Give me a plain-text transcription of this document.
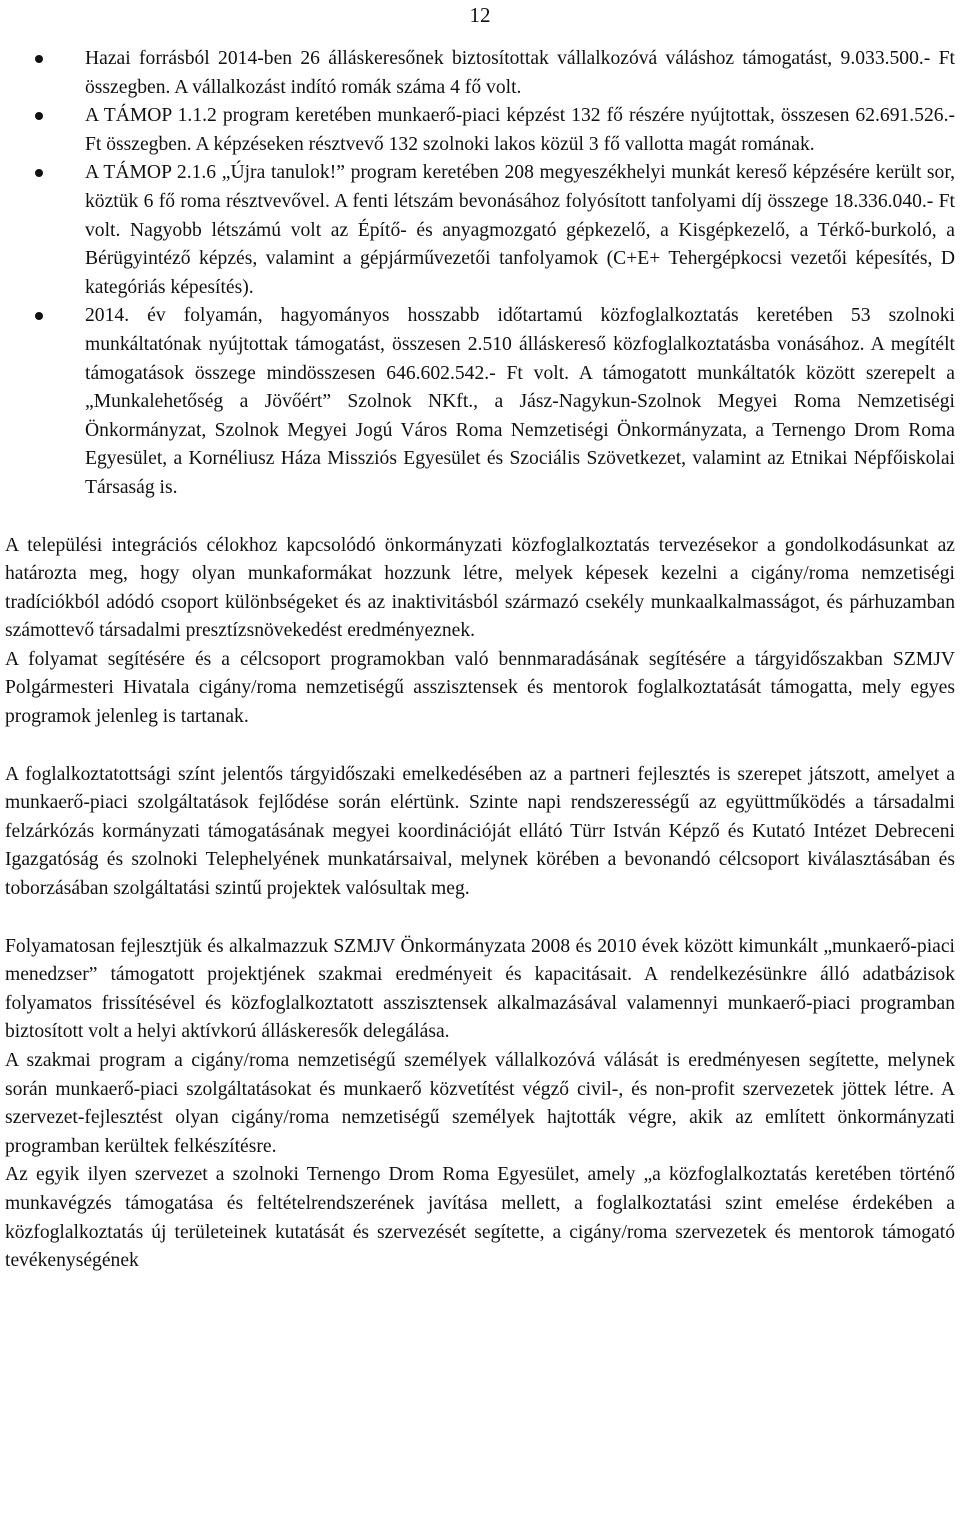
12
Hazai forrásból 2014-ben 26 álláskeresőnek biztosítottak vállalkozóvá váláshoz támogatást, 9.033.500.- Ft összegben. A vállalkozást indító romák száma 4 fő volt.
A TÁMOP 1.1.2 program keretében munkaerő-piaci képzést 132 fő részére nyújtottak, összesen 62.691.526.- Ft összegben. A képzéseken résztvevő 132 szolnoki lakos közül 3 fő vallotta magát romának.
A TÁMOP 2.1.6 „Újra tanulok!” program keretében 208 megyeszékhelyi munkát kereső képzésére került sor, köztük 6 fő roma résztvevővel. A fenti létszám bevonásához folyósított tanfolyami díj összege 18.336.040.- Ft volt. Nagyobb létszámú volt az Építő- és anyagmozgató gépkezelő, a Kisgépkezelő, a Térkő-burkoló, a Bérügyintéző képzés, valamint a gépjárművezetői tanfolyamok (C+E+ Tehergépkocsi vezetői képesítés, D kategóriás képesítés).
2014. év folyamán, hagyományos hosszabb időtartamú közfoglalkoztatás keretében 53 szolnoki munkáltatónak nyújtottak támogatást, összesen 2.510 álláskereső közfoglalkoztatásba vonásához. A megítélt támogatások összege mindösszesen 646.602.542.- Ft volt. A támogatott munkáltatók között szerepelt a „Munkalehetőség a Jövőért” Szolnok NKft., a Jász-Nagykun-Szolnok Megyei Roma Nemzetiségi Önkormányzat, Szolnok Megyei Jogú Város Roma Nemzetiségi Önkormányzata, a Ternengo Drom Roma Egyesület, a Kornéliusz Háza Missziós Egyesület és Szociális Szövetkezet, valamint az Etnikai Népfőiskolai Társaság is.

A települési integrációs célokhoz kapcsolódó önkormányzati közfoglalkoztatás tervezésekor a gondolkodásunkat az határozta meg, hogy olyan munkaformákat hozzunk létre, melyek képesek kezelni a cigány/roma nemzetiségi tradíciókból adódó csoport különbségeket és az inaktivitásból származó csekély munkaalkalmasságot, és párhuzamban számottevő társadalmi presztízsnövekedést eredményeznek.

A folyamat segítésére és a célcsoport programokban való bennmaradásának segítésére a tárgyidőszakban SZMJV Polgármesteri Hivatala cigány/roma nemzetiségű asszisztensek és mentorok foglalkoztatását támogatta, mely egyes programok jelenleg is tartanak.

A foglalkoztatottsági színt jelentős tárgyidőszaki emelkedésében az a partneri fejlesztés is szerepet játszott, amelyet a munkaerő-piaci szolgáltatások fejlődése során elértünk. Szinte napi rendszerességű az együttműködés a társadalmi felzárkózás kormányzati támogatásának megyei koordinációját ellátó Türr István Képző és Kutató Intézet Debreceni Igazgatóság és szolnoki Telephelyének munkatársaival, melynek körében a bevonandó célcsoport kiválasztásában és toborzásában szolgáltatási szintű projektek valósultak meg.

Folyamatosan fejlesztjük és alkalmazzuk SZMJV Önkormányzata 2008 és 2010 évek között kimunkált „munkaerő-piaci menedzser” támogatott projektjének szakmai eredményeit és kapacitásait. A rendelkezésünkre álló adatbázisok folyamatos frissítésével és közfoglalkoztatott asszisztensek alkalmazásával valamennyi munkaerő-piaci programban biztosított volt a helyi aktívkorú álláskeresők delegálása.

A szakmai program a cigány/roma nemzetiségű személyek vállalkozóvá válását is eredményesen segítette, melynek során munkaerő-piaci szolgáltatásokat és munkaerő közvetítést végző civil-, és non-profit szervezetek jöttek létre. A szervezet-fejlesztést olyan cigány/roma nemzetiségű személyek hajtották végre, akik az említett önkormányzati programban kerültek felkészítésre.

Az egyik ilyen szervezet a szolnoki Ternengo Drom Roma Egyesület, amely „a közfoglalkoztatás keretében történő munkavégzés támogatása és feltételrendszerének javítása mellett, a foglalkoztatási szint emelése érdekében a közfoglalkoztatás új területeinek kutatását és szervezését segítette, a cigány/roma szervezetek és mentorok támogató tevékenységének
